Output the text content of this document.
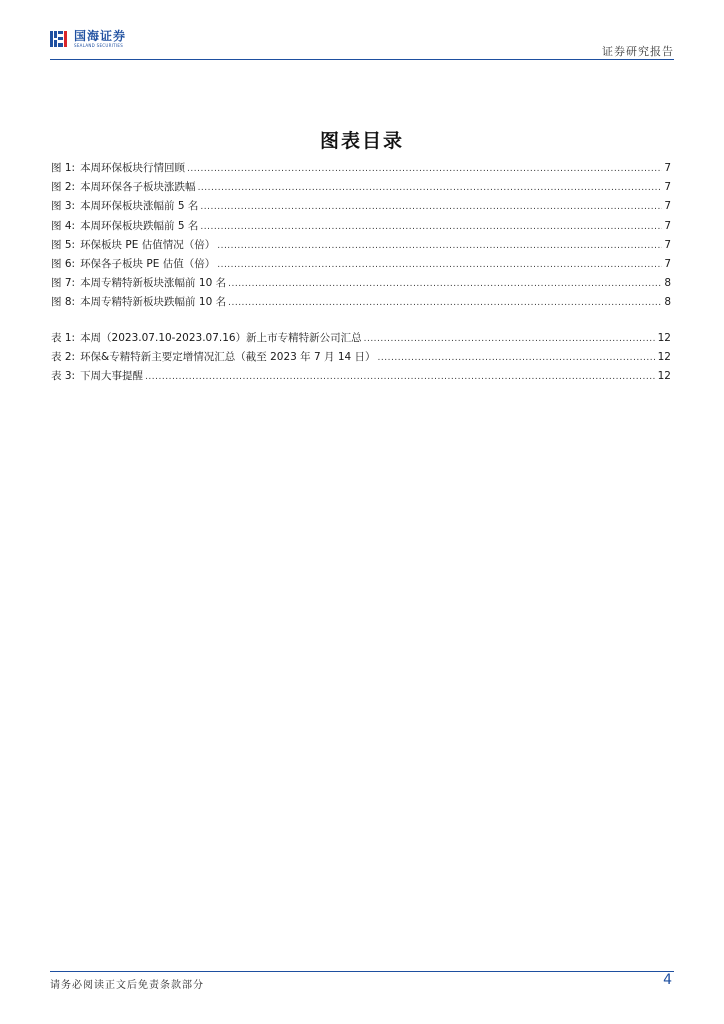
国海证券
SEALAND SECURITIES	证券研究报告
图表目录
图 1: 本周环保板块行情回顾 .....	7
图 2: 本周环保各子板块涨跌幅 .....	7
图 3: 本周环保板块涨幅前 5 名 .....	7
图 4: 本周环保板块跌幅前 5 名 .....	7
图 5: 环保板块 PE 估值情况（倍） .....	7
图 6: 环保各子板块 PE 估值（倍） .....	7
图 7: 本周专精特新板块涨幅前 10 名 .....	8
图 8: 本周专精特新板块跌幅前 10 名 .....	8
表 1: 本周（2023.07.10-2023.07.16）新上市专精特新公司汇总 .....	12
表 2: 环保&专精特新主要定增情况汇总（截至 2023 年 7 月 14 日） .....	12
表 3: 下周大事提醒 .....	12
请务必阅读正文后免责条款部分	4
